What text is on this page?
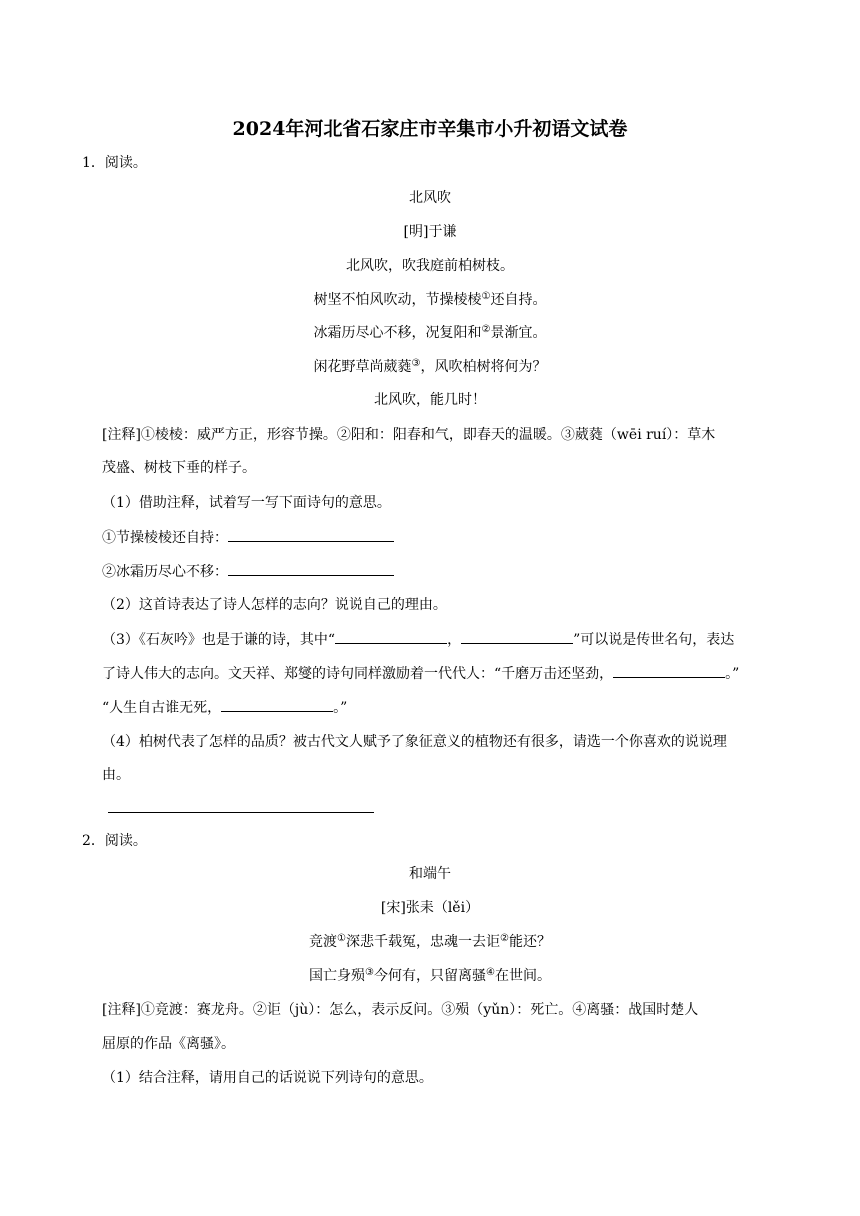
2024年河北省石家庄市辛集市小升初语文试卷
1．阅读。
北风吹
[明]于谦
北风吹，吹我庭前柏树枝。
树坚不怕风吹动，节操棱棱①还自持。
冰霜历尽心不移，况复阳和②景渐宜。
闲花野草尚葳蕤③，风吹柏树将何为？
北风吹，能几时！
[注释]①棱棱：威严方正，形容节操。②阳和：阳春和气，即春天的温暖。③葳蕤（wēi ruí）：草木
茂盛、树枝下垂的样子。
（1）借助注释，试着写一写下面诗句的意思。
①节操棱棱还自持：
②冰霜历尽心不移：
（2）这首诗表达了诗人怎样的志向？说说自己的理由。
（3）《石灰吟》也是于谦的诗，其中“	，	”可以说是传世名句，表达
了诗人伟大的志向。文天祥、郑燮的诗句同样激励着一代代人：“千磨万击还坚劲，	。”
“人生自古谁无死，	。”
（4）柏树代表了怎样的品质？被古代文人赋予了象征意义的植物还有很多，请选一个你喜欢的说说理
由。
2．阅读。
和端午
[宋]张耒（lěi）
竞渡①深悲千载冤，忠魂一去讵②能还？
国亡身殒③今何有，只留离骚④在世间。
[注释]①竞渡：赛龙舟。②讵（jù）：怎么，表示反问。③殒（yǔn）：死亡。④离骚：战国时楚人
屈原的作品《离骚》。
（1）结合注释，请用自己的话说说下列诗句的意思。
